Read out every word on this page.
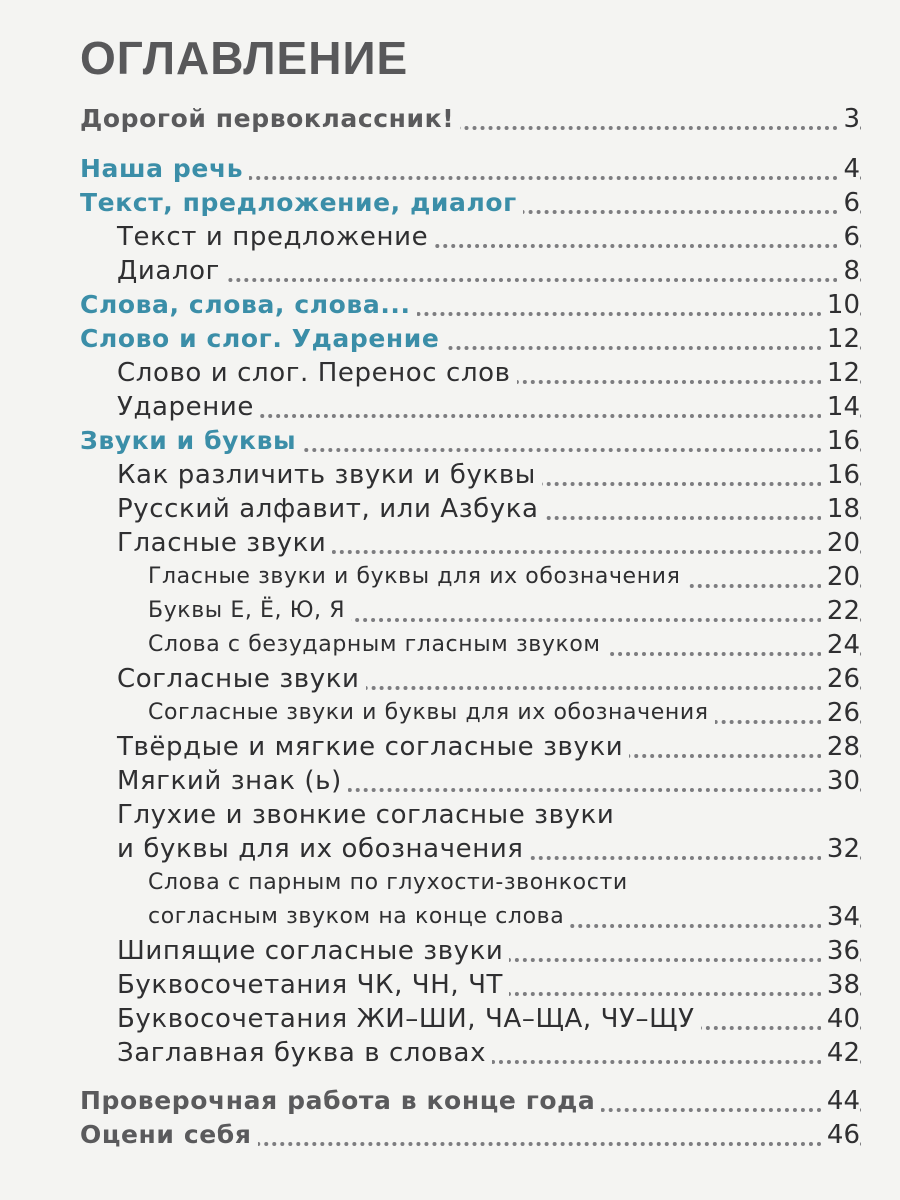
ОГЛАВЛЕНИЕ
Дорогой первоклассник!	3
Наша речь	4
Текст, предложение, диалог	6
Текст и предложение	6
Диалог	8
Слова, слова, слова...	10
Слово и слог. Ударение	12
Слово и слог. Перенос слов	12
Ударение	14
Звуки и буквы	16
Как различить звуки и буквы	16
Русский алфавит, или Азбука	18
Гласные звуки	20
Гласные звуки и буквы для их обозначения	20
Буквы Е, Ё, Ю, Я	22
Слова с безударным гласным звуком	24
Согласные звуки	26
Согласные звуки и буквы для их обозначения	26
Твёрдые и мягкие согласные звуки	28
Мягкий знак (ь)	30
Глухие и звонкие согласные звуки
и буквы для их обозначения	32
Слова с парным по глухости-звонкости
согласным звуком на конце слова	34
Шипящие согласные звуки	36
Буквосочетания ЧК, ЧН, ЧТ	38
Буквосочетания ЖИ–ШИ, ЧА–ЩА, ЧУ–ЩУ	40
Заглавная буква в словах	42
Проверочная работа в конце года	44
Оцени себя	46
